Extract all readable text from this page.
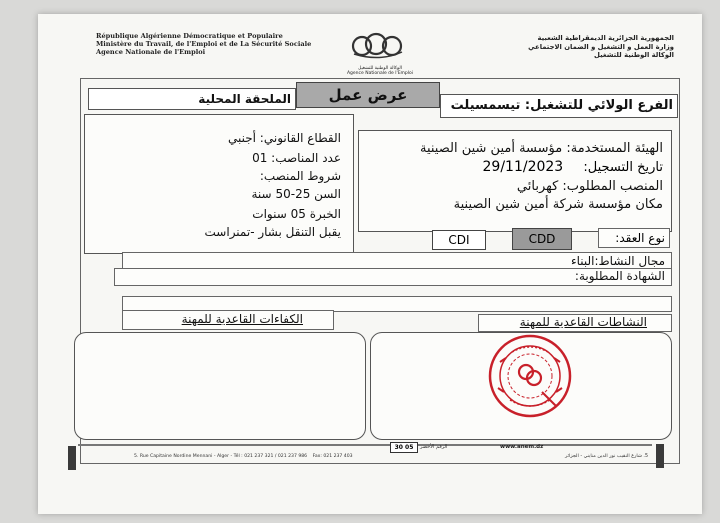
République Algérienne Démocratique et Populaire
Ministère du Travail, de l'Emploi et de La Sécurité Sociale
Agence Nationale de l'Emploi
الوكالة الوطنية للتشغيل
Agence Nationale de l'Emploi
الجمهورية الجزائرية الديمقراطية الشعبية
وزارة العمل و التشغيل و الضمان الاجتماعي
الوكالة الوطنية للتشغيل
الملحقة المحلية	عرض عمل
الفرع الولائي للتشغيل: تيسمسيلت
القطاع القانوني: أجنبي
عدد المناصب: 01
شروط المنصب:
السن 25-50 سنة
الخبرة 05 سنوات
يقبل التنقل بشار -تمنراست
الهيئة المستخدمة: مؤسسة أمين شين الصينية
تاريخ التسجيل: 29/11/2023
المنصب المطلوب: كهربائي
مكان مؤسسة شركة أمين شين الصينية
نوع العقد:
CDD
CDI
مجال النشاط:البناء
الشهادة المطلوبة:
النشاطات القاعدية للمهنة
الكفاءات القاعدية للمهنة
30 05	الرقم الأخضر	www.anem.dz
5. Rue Capitaine Nordine Mennani - Alger - Tél : 021 237 321 / 021 237 986 Fax: 021 237 403	5. شارع النقيب نور الدين منايني - الجزائر
